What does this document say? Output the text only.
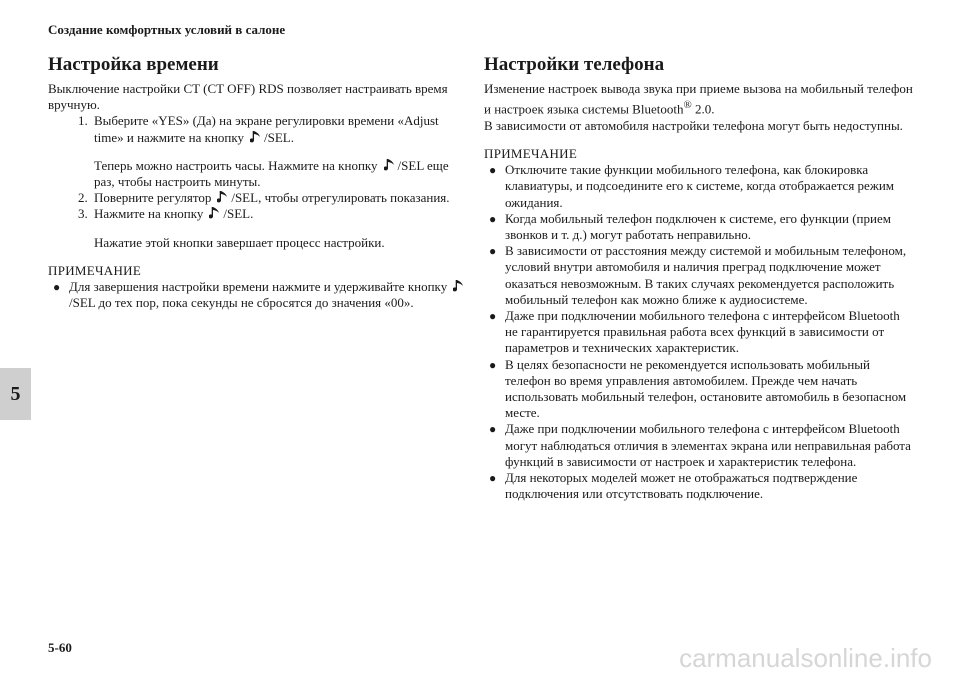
Создание комфортных условий в салоне
5
Настройка времени

Выключение настройки CT (CT OFF) RDS позволяет настраивать время вручную.

1. Выберите «YES» (Да) на экране регулировки времени «Adjust time» и нажмите на кнопку /SEL.
Теперь можно настроить часы. Нажмите на кнопку /SEL еще раз, чтобы настроить минуты.
2. Поверните регулятор /SEL, чтобы отрегулировать показания.
3. Нажмите на кнопку /SEL.
Нажатие этой кнопки завершает процесс настройки.

ПРИМЕЧАНИЕ

● Для завершения настройки времени нажмите и удерживайте кнопку/SEL до тех пор, пока секунды не сбросятся до значения «00».
Настройки телефона

Изменение настроек вывода звука при приеме вызова на мобильный телефон и настроек языка системы Bluetooth® 2.0.

В зависимости от автомобиля настройки телефона могут быть недоступны.

ПРИМЕЧАНИЕ

● Отключите такие функции мобильного телефона, как блокировка клавиатуры, и подсоедините его к системе, когда отображается режим ожидания.
● Когда мобильный телефон подключен к системе, его функции (прием звонков и т. д.) могут работать неправильно.
● В зависимости от расстояния между системой и мобильным телефоном, условий внутри автомобиля и наличия преград подключение может оказаться невозможным. В таких случаях рекомендуется расположить мобильный телефон как можно ближе к аудиосистеме.
● Даже при подключении мобильного телефона с интерфейсом Bluetooth не гарантируется правильная работа всех функций в зависимости от параметров и технических характеристик.
● В целях безопасности не рекомендуется использовать мобильный телефон во время управления автомобилем. Прежде чем начать использовать мобильный телефон, остановите автомобиль в безопасном месте.
● Даже при подключении мобильного телефона с интерфейсом Bluetooth могут наблюдаться отличия в элементах экрана или неправильная работа функций в зависимости от настроек и характеристик телефона.
● Для некоторых моделей может не отображаться подтверждение подключения или отсутствовать подключение.
5-60	carmanualsonline.info
